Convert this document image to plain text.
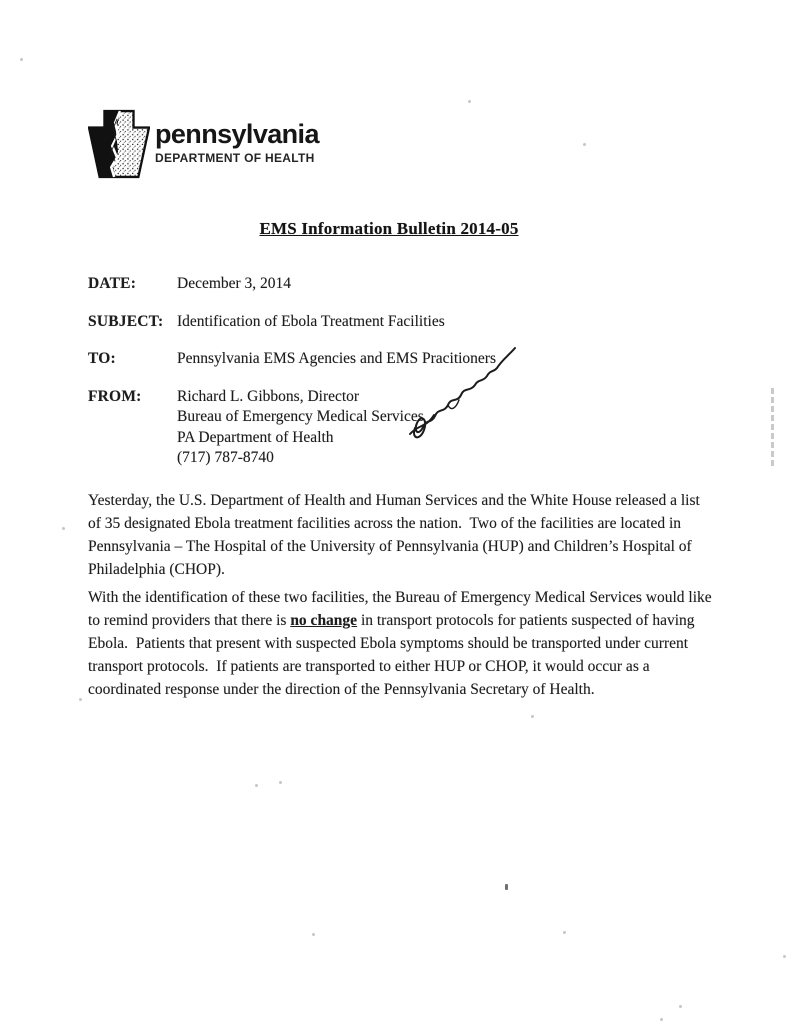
pennsylvania
DEPARTMENT OF HEALTH
EMS Information Bulletin 2014-05
DATE:	December 3, 2014
SUBJECT: Identification of Ebola Treatment Facilities
TO:	Pennsylvania EMS Agencies and EMS Pracitioners
FROM:	Richard L. Gibbons, Director
Bureau of Emergency Medical Services
PA Department of Health
(717) 787-8740

Yesterday, the U.S. Department of Health and Human Services and the White House released a list of 35 designated Ebola treatment facilities across the nation.  Two of the facilities are located in Pennsylvania – The Hospital of the University of Pennsylvania (HUP) and Children’s Hospital of Philadelphia (CHOP).

With the identification of these two facilities, the Bureau of Emergency Medical Services would like to remind providers that there is no change in transport protocols for patients suspected of having Ebola.  Patients that present with suspected Ebola symptoms should be transported under current transport protocols.  If patients are transported to either HUP or CHOP, it would occur as a coordinated response under the direction of the Pennsylvania Secretary of Health.
